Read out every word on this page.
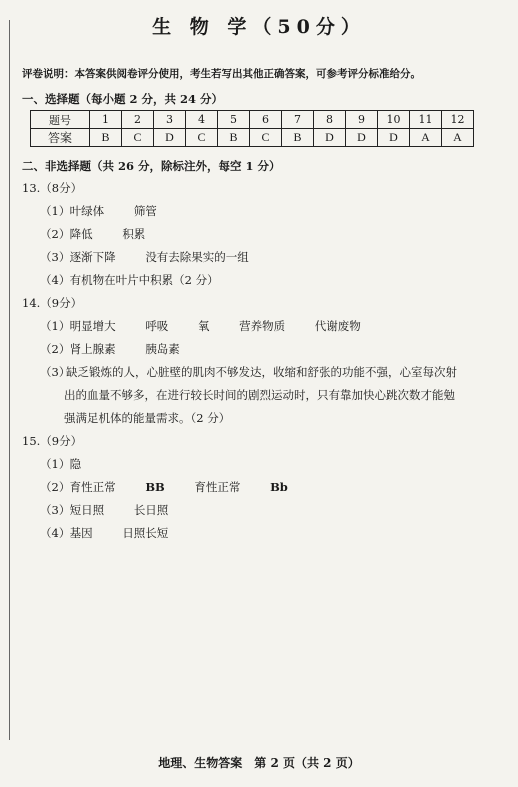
生 物 学（50分）
评卷说明：本答案供阅卷评分使用，考生若写出其他正确答案，可参考评分标准给分。
一、选择题（每小题 2 分，共 24 分）
题号	1	2	3	4	5	6	7	8	9	10	11	12
答案	B	C	D	C	B	C	B	D	D	D	A	A
二、非选择题（共 26 分，除标注外，每空 1 分）
13.（8分）
（1） 叶绿体	筛管
（2） 降低	积累
（3） 逐渐下降	没有去除果实的一组
（4） 有机物在叶片中积累（2 分）
14.（9分）
（1） 明显增大	呼吸	氧	营养物质	代谢废物
（2） 肾上腺素	胰岛素
（3）缺乏锻炼的人，心脏壁的肌肉不够发达，收缩和舒张的功能不强，心室每次射
出的血量不够多，在进行较长时间的剧烈运动时，只有靠加快心跳次数才能勉
强满足机体的能量需求。（2 分）
15.（9分）
（1） 隐
（2） 育性正常	BB	育性正常	Bb
（3） 短日照	长日照
（4） 基因	日照长短
地理、生物答案　第 2 页（共 2 页）
